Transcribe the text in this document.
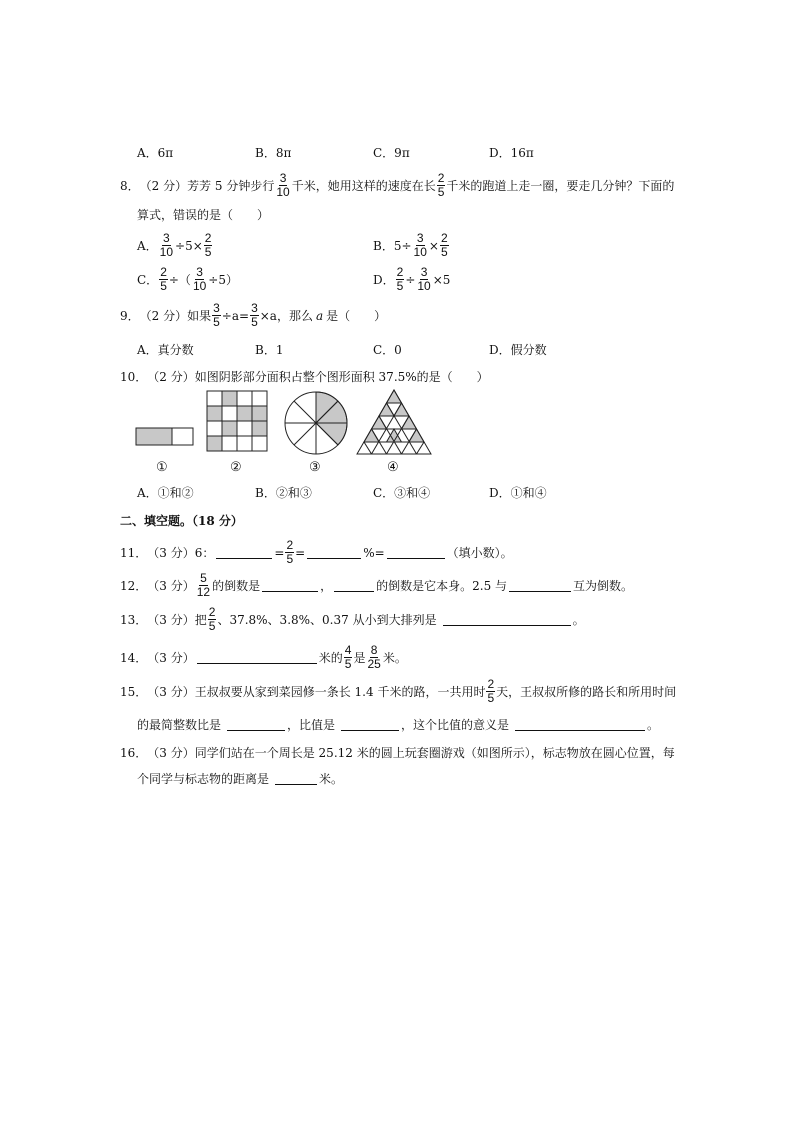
A．6π	B．8π	C．9π	D．16π
8． （2 分） 芳芳 5 分钟步行 $\frac{3}{10}$ 千米，她用这样的速度在长 $\frac{2}{5}$ 千米的跑道上走一圈，要走几分钟？下面的
算式，错误的是（　　）
A． $\frac{3}{10} \div 5\times \frac{2}{5}$	B． $5\div \frac{3}{10} \times \frac{2}{5}$
C． $\frac{2}{5}$ ÷（ $\frac{3}{10} \div 5$）	D． $\frac{2}{5} \div \frac{3}{10} \times 5$
9． （2 分） 如果 $\frac{3}{5} \div a= \frac{3}{5} \times a$，那么 a 是（　　）
A．真分数	B．1	C．0	D．假分数
10． （2 分） 如图阴影部分面积占整个图形面积 37.5%的是（　　）
①	②	③	④
A．①和②	B．②和③	C．③和④	D．①和④
二、填空题。（18 分）
11． （3 分） 6：	= $\frac{2}{5}$ =	%=	（填小数）。
12． （3 分） $\frac{5}{12}$ 的倒数是	，	的倒数是它本身。2.5 与	互为倒数。
13． （3 分） 把 $\frac{2}{5}$ 、37.8%、3.8%、0.37 从小到大排列是	。
14． （3 分）	米的 $\frac{4}{5}$ 是 $\frac{8}{25}$ 米。
15． （3 分） 王叔叔要从家到菜园修一条长 1.4 千米的路，一共用时 $\frac{2}{5}$ 天，王叔叔所修的路长和所用时间
的最简整数比是	，比值是	，这个比值的意义是	。
16． （3 分） 同学们站在一个周长是 25.12 米的圆上玩套圈游戏（如图所示），标志物放在圆心位置，每
个同学与标志物的距离是	米。
